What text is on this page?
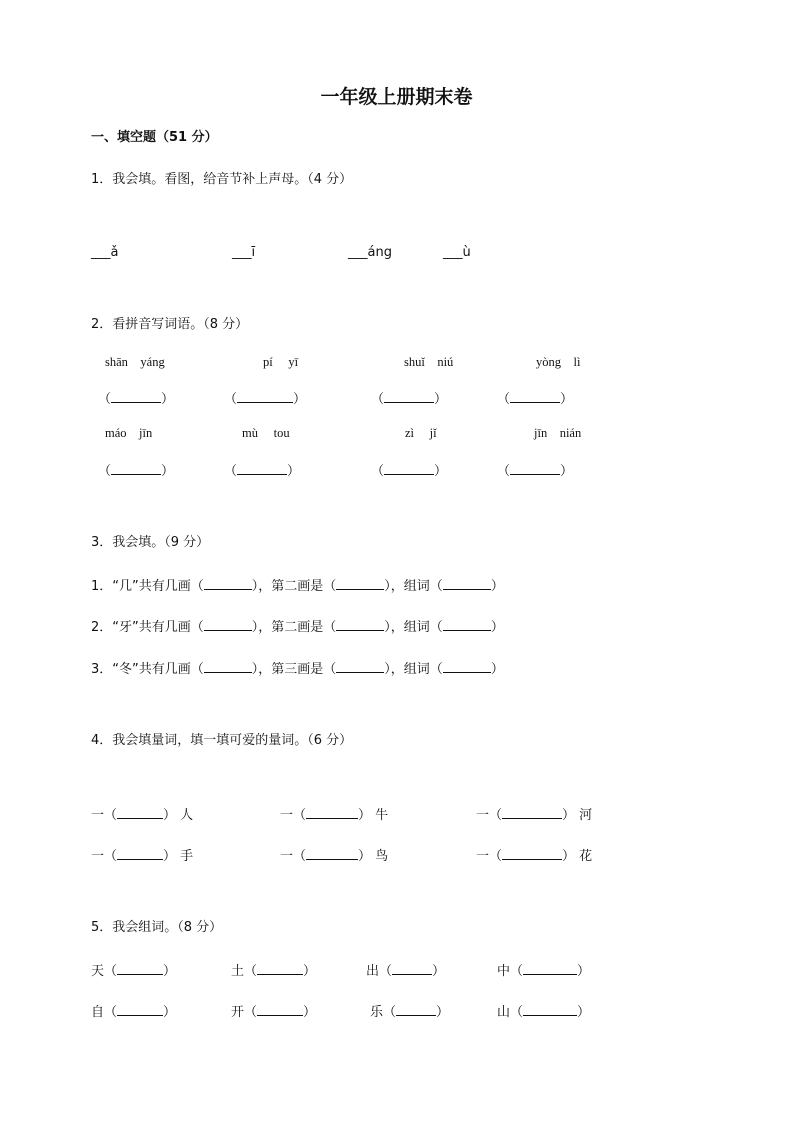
一年级上册期末卷
一、填空题（51 分）
1．我会填。看图，给音节补上声母。（4 分）
___ǎ	___ī	___áng	___ù
2．看拼音写词语。（8 分）
shān    yáng	pí     yī	shuǐ    niú	yòng    lì
（	）	（	）	（	）	（	）
máo    jīn	mù     tou	zì     jǐ	jīn    nián
（	）	（	）	（	）	（	）
3．我会填。（9 分）
1．“几”共有几画（	），第二画是（	），组词（	）
2．“牙”共有几画（	），第二画是（	），组词（	）
3．“冬”共有几画（	），第三画是（	），组词（	）
4．我会填量词，填一填可爱的量词。（6 分）
一（	） 人	一（	） 牛	一（	） 河
一（	） 手	一（	） 鸟	一（	） 花
5．我会组词。（8 分）
天（	）	土（	）	出（	）	中（	）
自（	）	开（	）	乐（	）	山（	）
